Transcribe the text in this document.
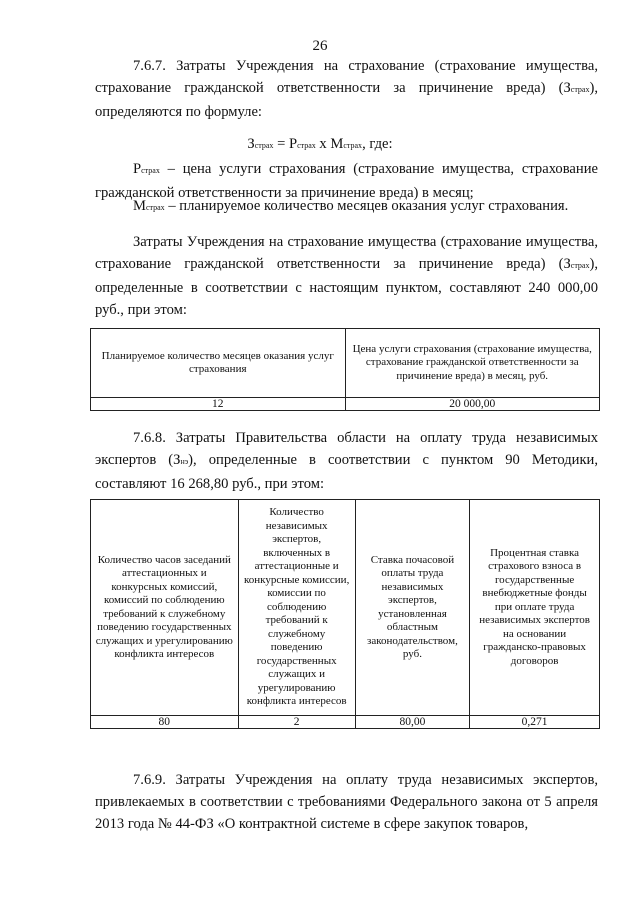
26

7.6.7. Затраты Учреждения на страхование (страхование имущества, страхование гражданской ответственности за причинение вреда) (Зстрах), определяются по формуле:

Зстрах = Рстрах x Мстрах, где:

Рстрах – цена услуги страхования (страхование имущества, страхование гражданской ответственности за причинение вреда) в месяц;

Мстрах – планируемое количество месяцев оказания услуг страхования.

Затраты Учреждения на страхование имущества (страхование имущества, страхование гражданской ответственности за причинение вреда) (Зстрах), определенные в соответствии с настоящим пунктом, составляют 240 000,00 руб., при этом:

Планируемое количество месяцев оказания услуг страхования	Цена услуги страхования (страхование имущества, страхование гражданской ответственности за причинение вреда) в месяц, руб.
12	20 000,00

7.6.8. Затраты Правительства области на оплату труда независимых экспертов (Знэ), определенные в соответствии с пунктом 90 Методики, составляют 16 268,80 руб., при этом:

Количество часов заседаний аттестационных и конкурсных комиссий, комиссий по соблюдению требований к служебному поведению государственных служащих и урегулированию конфликта интересов	Количество независимых экспертов, включенных в аттестационные и конкурсные комиссии, комиссии по соблюдению требований к служебному поведению государственных служащих и урегулированию конфликта интересов	Ставка почасовой оплаты труда независимых экспертов, установленная областным законодательством, руб.	Процентная ставка страхового взноса в государственные внебюджетные фонды при оплате труда независимых экспертов на основании гражданско-правовых договоров
80	2	80,00	0,271

7.6.9. Затраты Учреждения на оплату труда независимых экспертов, привлекаемых в соответствии с требованиями Федерального закона от 5 апреля 2013 года № 44-ФЗ «О контрактной системе в сфере закупок товаров,
